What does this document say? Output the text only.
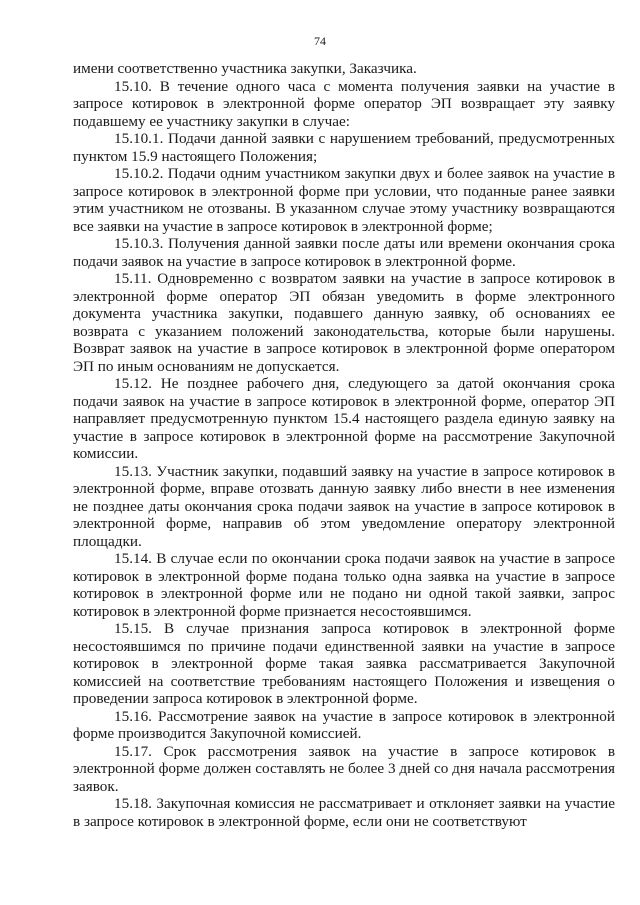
74

имени соответственно участника закупки, Заказчика.

15.10. В течение одного часа с момента получения заявки на участие в запросе котировок в электронной форме оператор ЭП возвращает эту заявку подавшему ее участнику закупки в случае:

15.10.1. Подачи данной заявки с нарушением требований, предусмотренных пунктом 15.9 настоящего Положения;

15.10.2. Подачи одним участником закупки двух и более заявок на участие в запросе котировок в электронной форме при условии, что поданные ранее заявки этим участником не отозваны. В указанном случае этому участнику возвращаются все заявки на участие в запросе котировок в электронной форме;

15.10.3. Получения данной заявки после даты или времени окончания срока подачи заявок на участие в запросе котировок в электронной форме.

15.11. Одновременно с возвратом заявки на участие в запросе котировок в электронной форме оператор ЭП обязан уведомить в форме электронного документа участника закупки, подавшего данную заявку, об основаниях ее возврата с указанием положений законодательства, которые были нарушены. Возврат заявок на участие в запросе котировок в электронной форме оператором ЭП по иным основаниям не допускается.

15.12. Не позднее рабочего дня, следующего за датой окончания срока подачи заявок на участие в запросе котировок в электронной форме, оператор ЭП направляет предусмотренную пунктом 15.4 настоящего раздела единую заявку на участие в запросе котировок в электронной форме на рассмотрение Закупочной комиссии.

15.13. Участник закупки, подавший заявку на участие в запросе котировок в электронной форме, вправе отозвать данную заявку либо внести в нее изменения не позднее даты окончания срока подачи заявок на участие в запросе котировок в электронной форме, направив об этом уведомление оператору электронной площадки.

15.14. В случае если по окончании срока подачи заявок на участие в запросе котировок в электронной форме подана только одна заявка на участие в запросе котировок в электронной форме или не подано ни одной такой заявки, запрос котировок в электронной форме признается несостоявшимся.

15.15. В случае признания запроса котировок в электронной форме несостоявшимся по причине подачи единственной заявки на участие в запросе котировок в электронной форме такая заявка рассматривается Закупочной комиссией на соответствие требованиям настоящего Положения и извещения о проведении запроса котировок в электронной форме.

15.16. Рассмотрение заявок на участие в запросе котировок в электронной форме производится Закупочной комиссией.

15.17. Срок рассмотрения заявок на участие в запросе котировок в электронной форме должен составлять не более 3 дней со дня начала рассмотрения заявок.

15.18. Закупочная комиссия не рассматривает и отклоняет заявки на участие в запросе котировок в электронной форме, если они не соответствуют
